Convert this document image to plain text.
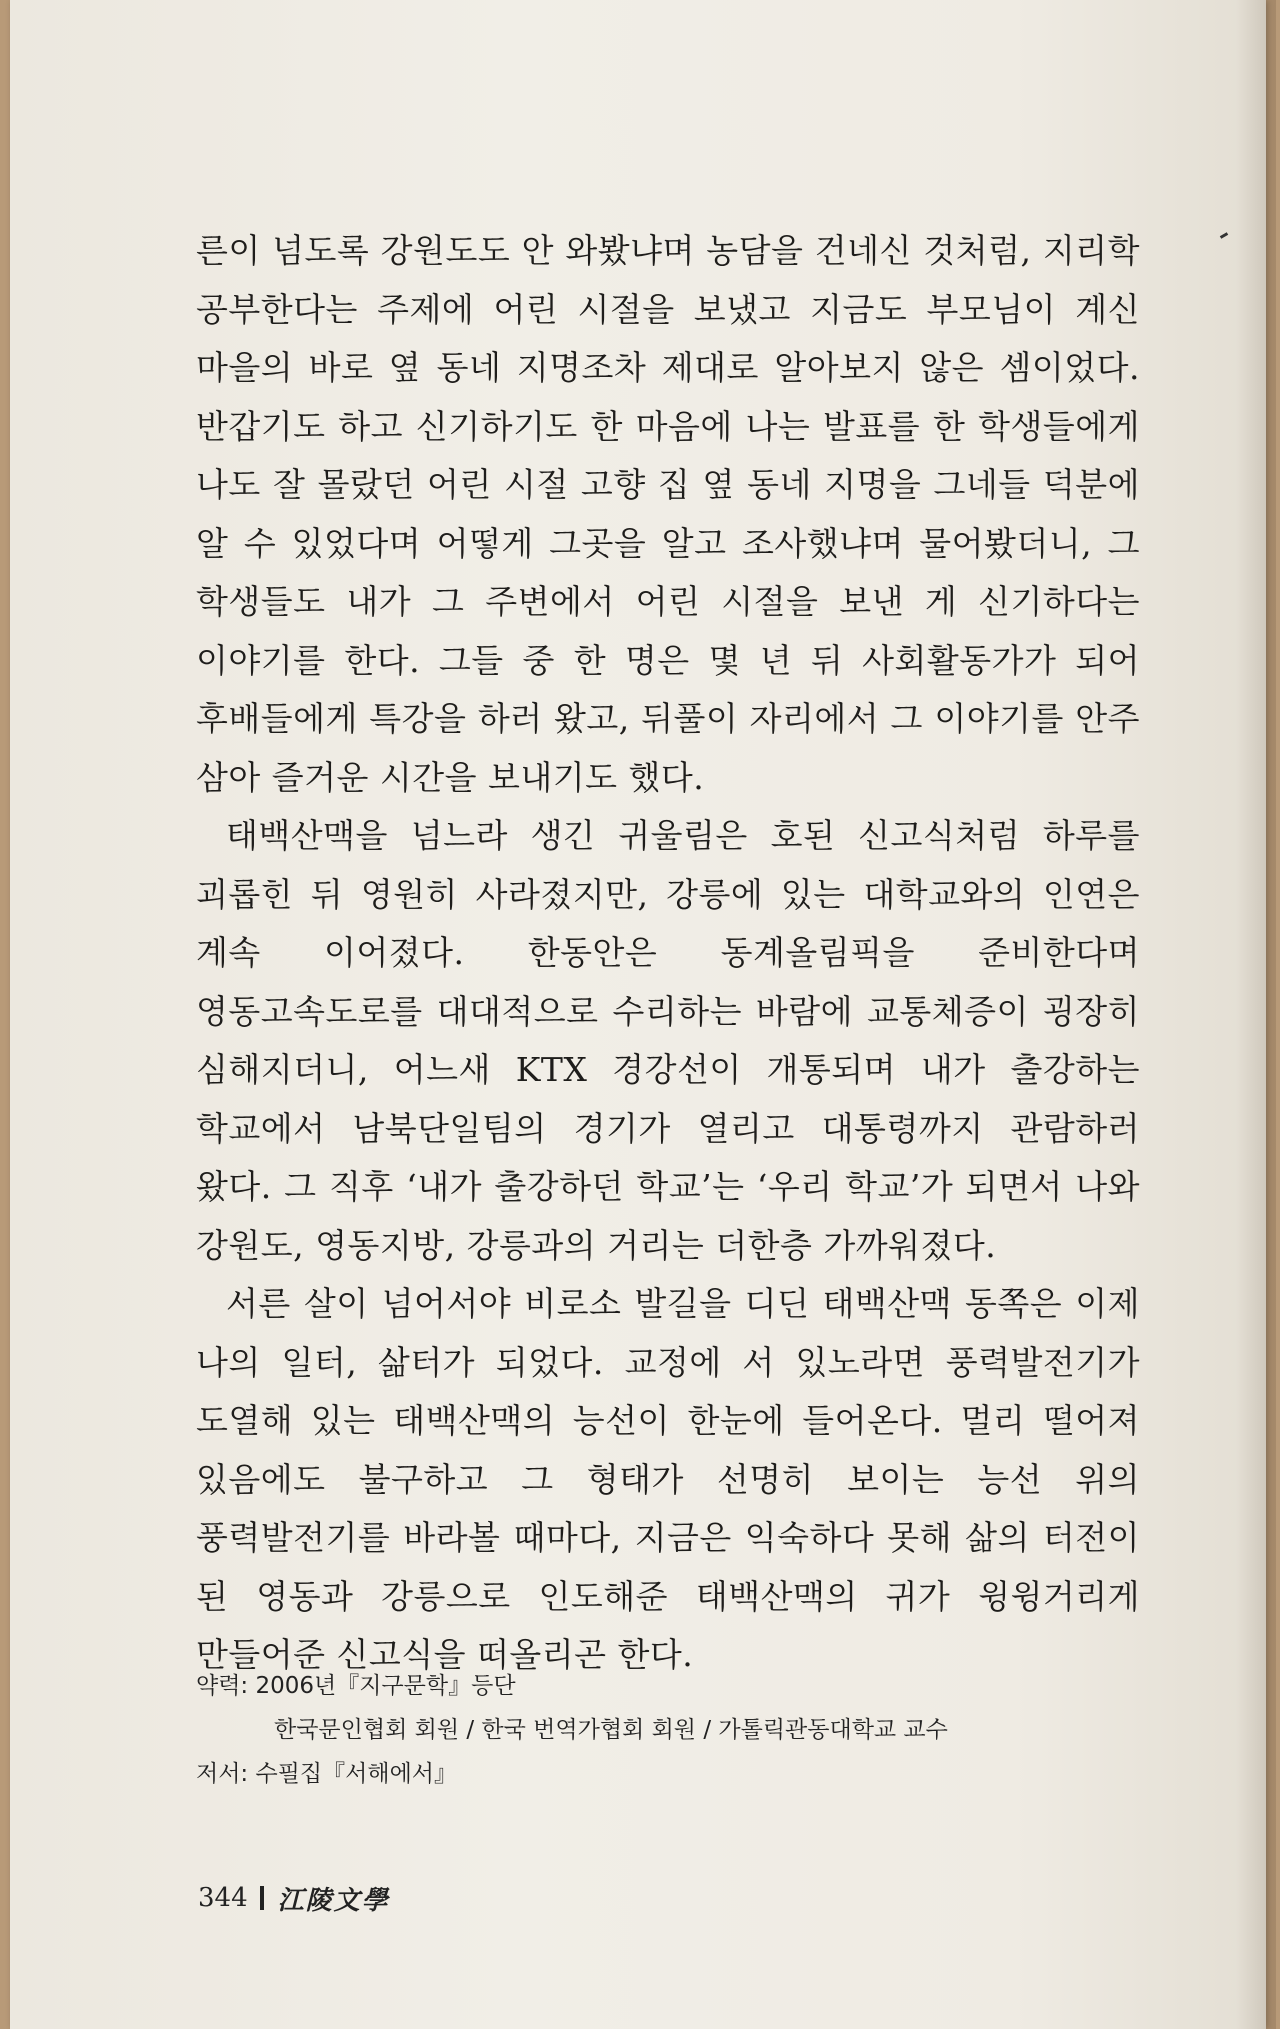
른이 넘도록 강원도도 안 와봤냐며 농담을 건네신 것처럼, 지리학 공부한다는 주제에 어린 시절을 보냈고 지금도 부모님이 계신 마을의 바로 옆 동네 지명조차 제대로 알아보지 않은 셈이었다. 반갑기도 하고 신기하기도 한 마음에 나는 발표를 한 학생들에게 나도 잘 몰랐던 어린 시절 고향 집 옆 동네 지명을 그네들 덕분에 알 수 있었다며 어떻게 그곳을 알고 조사했냐며 물어봤더니, 그 학생들도 내가 그 주변에서 어린 시절을 보낸 게 신기하다는 이야기를 한다. 그들 중 한 명은 몇 년 뒤 사회활동가가 되어 후배들에게 특강을 하러 왔고, 뒤풀이 자리에서 그 이야기를 안주 삼아 즐거운 시간을 보내기도 했다.

태백산맥을 넘느라 생긴 귀울림은 호된 신고식처럼 하루를 괴롭힌 뒤 영원히 사라졌지만, 강릉에 있는 대학교와의 인연은 계속 이어졌다. 한동안은 동계올림픽을 준비한다며 영동고속도로를 대대적으로 수리하는 바람에 교통체증이 굉장히 심해지더니, 어느새 KTX 경강선이 개통되며 내가 출강하는 학교에서 남북단일팀의 경기가 열리고 대통령까지 관람하러 왔다. 그 직후 ‘내가 출강하던 학교’는 ‘우리 학교’가 되면서 나와 강원도, 영동지방, 강릉과의 거리는 더한층 가까워졌다.

서른 살이 넘어서야 비로소 발길을 디딘 태백산맥 동쪽은 이제 나의 일터, 삶터가 되었다. 교정에 서 있노라면 풍력발전기가 도열해 있는 태백산맥의 능선이 한눈에 들어온다. 멀리 떨어져 있음에도 불구하고 그 형태가 선명히 보이는 능선 위의 풍력발전기를 바라볼 때마다, 지금은 익숙하다 못해 삶의 터전이 된 영동과 강릉으로 인도해준 태백산맥의 귀가 윙윙거리게 만들어준 신고식을 떠올리곤 한다.

약력: 2006년『지구문학』등단
한국문인협회 회원 / 한국 번역가협회 회원 / 가톨릭관동대학교 교수
저서: 수필집『서해에서』
344 江陵文學
